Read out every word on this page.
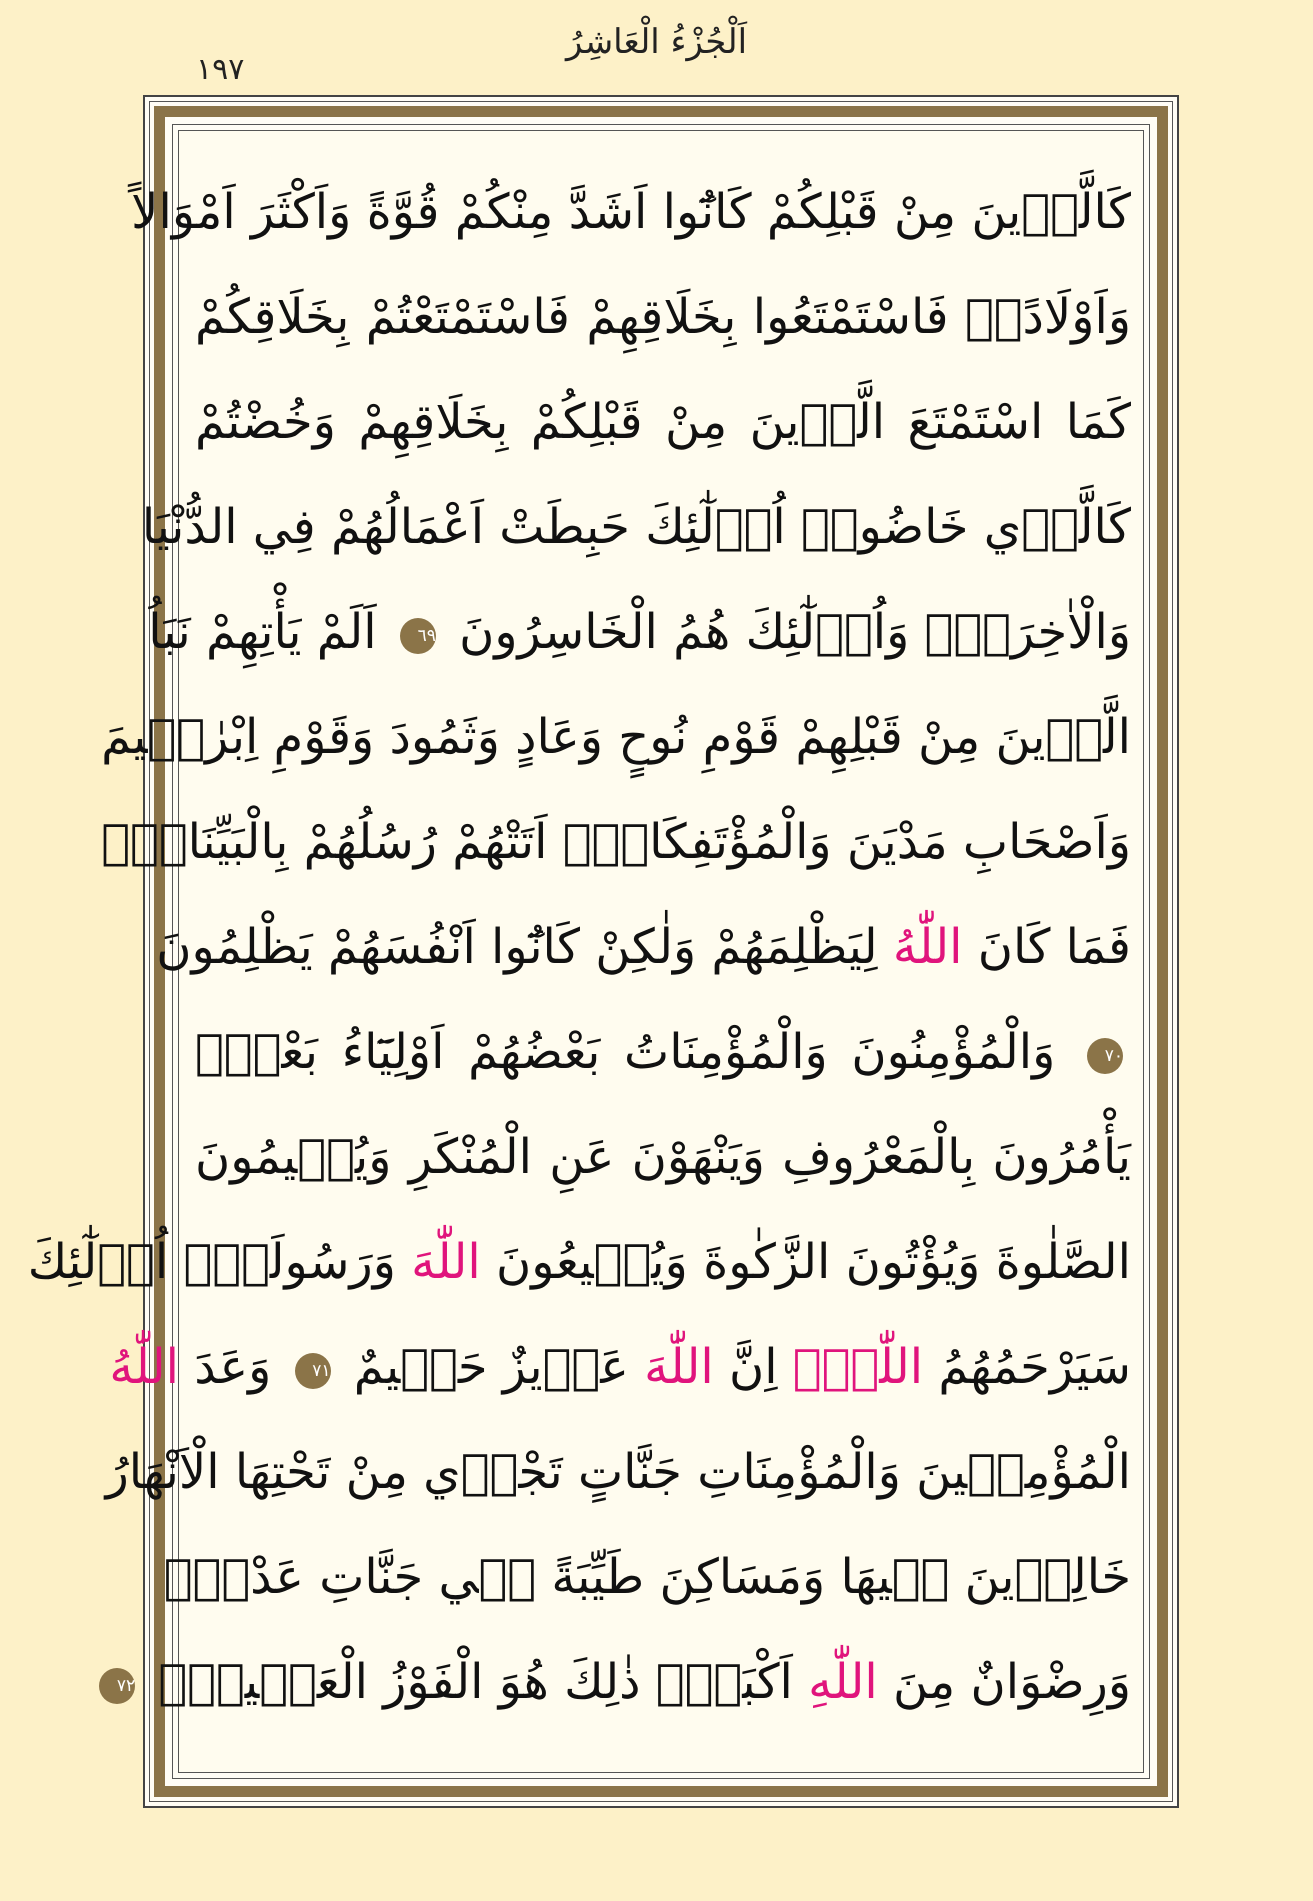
اَلْجُزْءُ الْعَاشِرُ
١٩٧
كَالَّذ۪ينَ مِنْ قَبْلِكُمْ كَانُٓوا اَشَدَّ مِنْكُمْ قُوَّةً وَاَكْثَرَ اَمْوَالاً
وَاَوْلَادًاۜ فَاسْتَمْتَعُوا بِخَلَاقِهِمْ فَاسْتَمْتَعْتُمْ بِخَلَاقِكُمْ
كَمَا اسْتَمْتَعَ الَّذ۪ينَ مِنْ قَبْلِكُمْ بِخَلَاقِهِمْ وَخُضْتُمْ
كَالَّذ۪ي خَاضُواۜ اُو۬لٰٓئِكَ حَبِطَتْ اَعْمَالُهُمْ فِي الدُّنْيَا
وَالْاٰخِرَةِۚ وَاُو۬لٰٓئِكَ هُمُ الْخَاسِرُونَ ٦٩ اَلَمْ يَأْتِهِمْ نَبَاُ
الَّذ۪ينَ مِنْ قَبْلِهِمْ قَوْمِ نُوحٍ وَعَادٍ وَثَمُودَ وَقَوْمِ اِبْرٰه۪يمَ
وَاَصْحَابِ مَدْيَنَ وَالْمُؤْتَفِكَاتِۜ اَتَتْهُمْ رُسُلُهُمْ بِالْبَيِّنَاتِۚ
فَمَا كَانَ اللّٰهُ لِيَظْلِمَهُمْ وَلٰكِنْ كَانُٓوا اَنْفُسَهُمْ يَظْلِمُونَ
٧٠ وَالْمُؤْمِنُونَ وَالْمُؤْمِنَاتُ بَعْضُهُمْ اَوْلِيَٓاءُ بَعْضٍۢ
يَأْمُرُونَ بِالْمَعْرُوفِ وَيَنْهَوْنَ عَنِ الْمُنْكَرِ وَيُق۪يمُونَ
الصَّلٰوةَ وَيُؤْتُونَ الزَّكٰوةَ وَيُط۪يعُونَ اللّٰهَ وَرَسُولَهُۜ اُو۬لٰٓئِكَ
سَيَرْحَمُهُمُ اللّٰهُۜ اِنَّ اللّٰهَ عَز۪يزٌ حَك۪يمٌ ٧١ وَعَدَ اللّٰهُ
الْمُؤْمِن۪ينَ وَالْمُؤْمِنَاتِ جَنَّاتٍ تَجْر۪ي مِنْ تَحْتِهَا الْاَنْهَارُ
خَالِد۪ينَ ف۪يهَا وَمَسَاكِنَ طَيِّبَةً ف۪ي جَنَّاتِ عَدْنٍۜ
وَرِضْوَانٌ مِنَ اللّٰهِ اَكْبَرُۜ ذٰلِكَ هُوَ الْفَوْزُ الْعَظ۪يمُ۟ ٧٢
